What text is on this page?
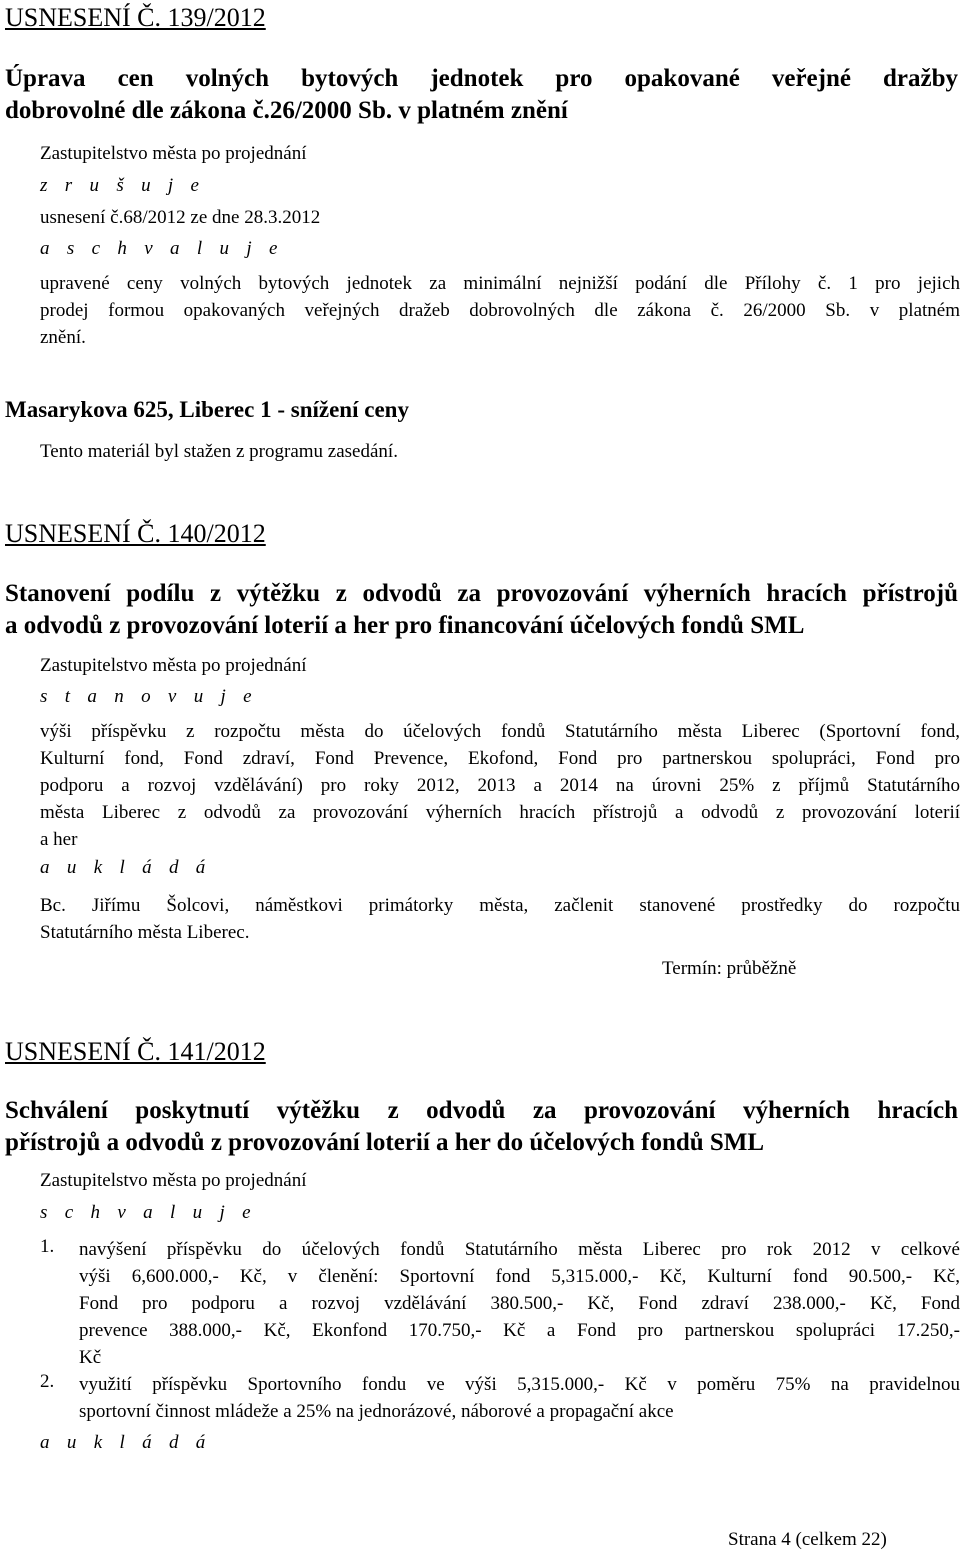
USNESENÍ Č. 139/2012
Úprava cen volných bytových jednotek pro opakované veřejné dražby
dobrovolné dle zákona č.26/2000 Sb. v platném znění
Zastupitelstvo města po projednání
z r u š u j e
usnesení č.68/2012 ze dne 28.3.2012
a s c h v a l u j e
upravené ceny volných bytových jednotek za minimální nejnižší podání dle Přílohy č. 1 pro jejich
prodej formou opakovaných veřejných dražeb dobrovolných dle zákona č. 26/2000 Sb. v platném
znění.
Masarykova 625, Liberec 1 - snížení ceny
Tento materiál byl stažen z programu zasedání.
USNESENÍ Č. 140/2012
Stanovení podílu z výtěžku z odvodů za provozování výherních hracích přístrojů
a odvodů z provozování loterií a her pro financování účelových fondů SML
Zastupitelstvo města po projednání
s t a n o v u j e
výši příspěvku z rozpočtu města do účelových fondů Statutárního města Liberec (Sportovní fond,
Kulturní fond, Fond zdraví, Fond Prevence, Ekofond, Fond pro partnerskou spolupráci, Fond pro
podporu a rozvoj vzdělávání) pro roky 2012, 2013 a 2014 na úrovni 25% z příjmů Statutárního
města Liberec z odvodů za provozování výherních hracích přístrojů a odvodů z provozování loterií
a her
a u k l á d á
Bc. Jiřímu Šolcovi, náměstkovi primátorky města, začlenit stanovené prostředky do rozpočtu
Statutárního města Liberec.
Termín: průběžně
USNESENÍ Č. 141/2012
Schválení poskytnutí výtěžku z odvodů za provozování výherních hracích
přístrojů a odvodů z provozování loterií a her do účelových fondů SML
Zastupitelstvo města po projednání
s c h v a l u j e
1. navýšení příspěvku do účelových fondů Statutárního města Liberec pro rok 2012 v celkové
výši 6,600.000,- Kč, v členění: Sportovní fond 5,315.000,- Kč, Kulturní fond 90.500,- Kč,
Fond pro podporu a rozvoj vzdělávání 380.500,- Kč, Fond zdraví 238.000,- Kč, Fond
prevence 388.000,- Kč, Ekonfond 170.750,- Kč a Fond pro partnerskou spolupráci 17.250,-
Kč
2. využití příspěvku Sportovního fondu ve výši 5,315.000,- Kč v poměru 75% na pravidelnou
sportovní činnost mládeže a 25% na jednorázové, náborové a propagační akce
a u k l á d á
Strana 4 (celkem 22)
